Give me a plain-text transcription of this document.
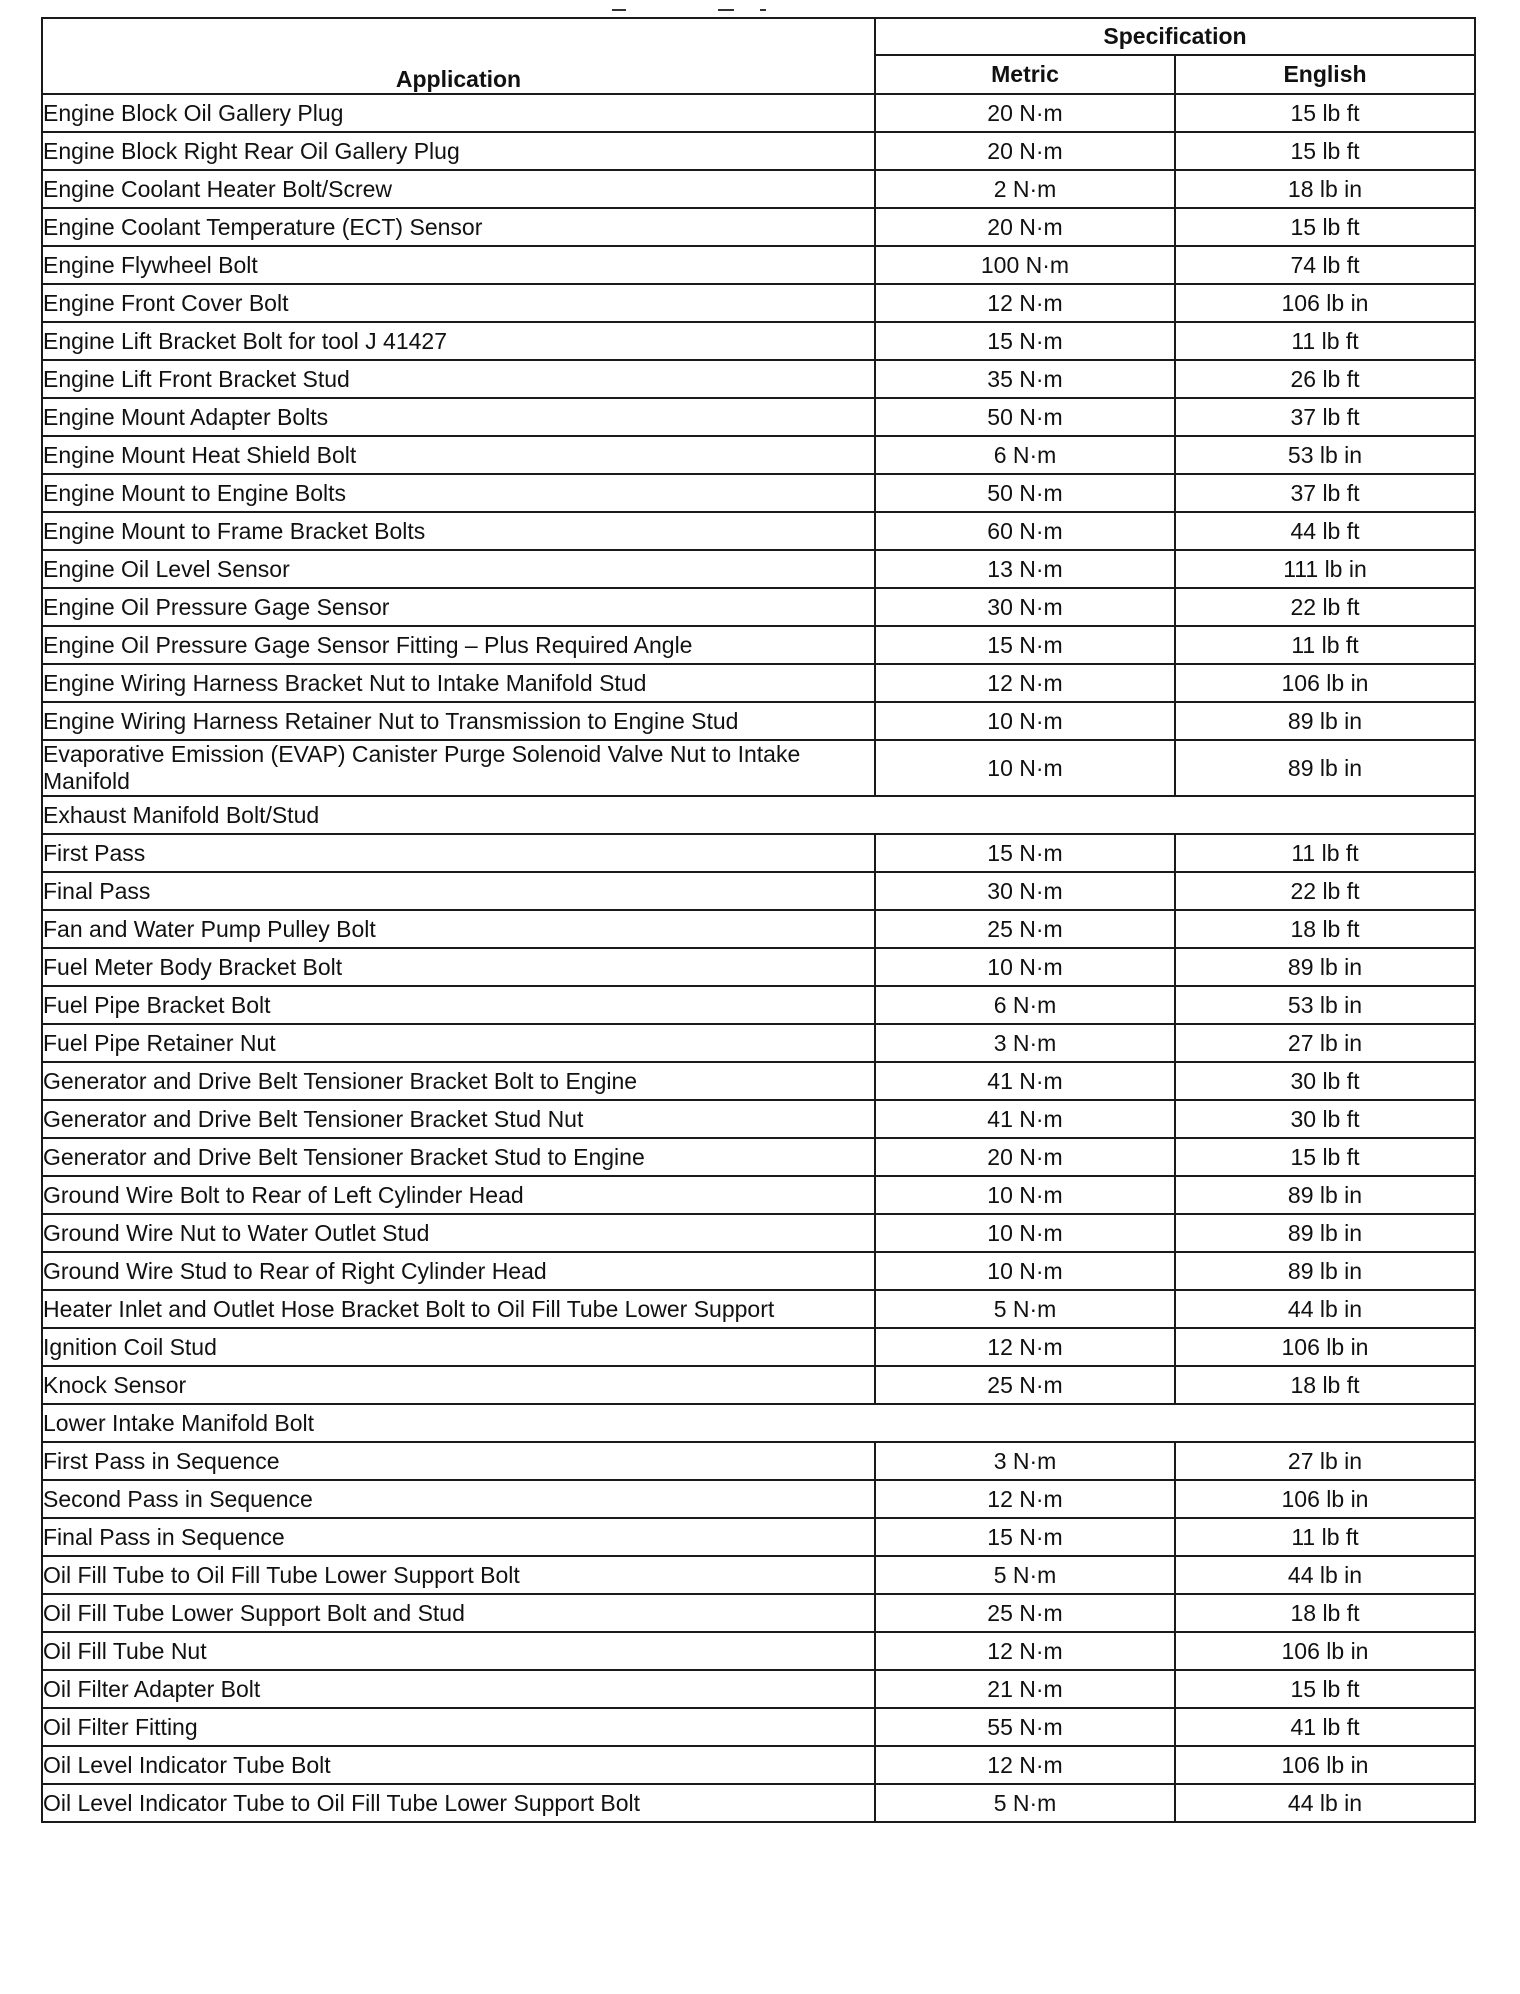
Application	Specification	
	Metric	English
Engine Block Oil Gallery Plug	20 N·m	15 lb ft
Engine Block Right Rear Oil Gallery Plug	20 N·m	15 lb ft
Engine Coolant Heater Bolt/Screw	2 N·m	18 lb in
Engine Coolant Temperature (ECT) Sensor	20 N·m	15 lb ft
Engine Flywheel Bolt	100 N·m	74 lb ft
Engine Front Cover Bolt	12 N·m	106 lb in
Engine Lift Bracket Bolt for tool J 41427	15 N·m	11 lb ft
Engine Lift Front Bracket Stud	35 N·m	26 lb ft
Engine Mount Adapter Bolts	50 N·m	37 lb ft
Engine Mount Heat Shield Bolt	6 N·m	53 lb in
Engine Mount to Engine Bolts	50 N·m	37 lb ft
Engine Mount to Frame Bracket Bolts	60 N·m	44 lb ft
Engine Oil Level Sensor	13 N·m	111 lb in
Engine Oil Pressure Gage Sensor	30 N·m	22 lb ft
Engine Oil Pressure Gage Sensor Fitting – Plus Required Angle	15 N·m	11 lb ft
Engine Wiring Harness Bracket Nut to Intake Manifold Stud	12 N·m	106 lb in
Engine Wiring Harness Retainer Nut to Transmission to Engine Stud	10 N·m	89 lb in
Evaporative Emission (EVAP) Canister Purge Solenoid Valve Nut to Intake Manifold	10 N·m	89 lb in
Exhaust Manifold Bolt/Stud		
First Pass	15 N·m	11 lb ft
Final Pass	30 N·m	22 lb ft
Fan and Water Pump Pulley Bolt	25 N·m	18 lb ft
Fuel Meter Body Bracket Bolt	10 N·m	89 lb in
Fuel Pipe Bracket Bolt	6 N·m	53 lb in
Fuel Pipe Retainer Nut	3 N·m	27 lb in
Generator and Drive Belt Tensioner Bracket Bolt to Engine	41 N·m	30 lb ft
Generator and Drive Belt Tensioner Bracket Stud Nut	41 N·m	30 lb ft
Generator and Drive Belt Tensioner Bracket Stud to Engine	20 N·m	15 lb ft
Ground Wire Bolt to Rear of Left Cylinder Head	10 N·m	89 lb in
Ground Wire Nut to Water Outlet Stud	10 N·m	89 lb in
Ground Wire Stud to Rear of Right Cylinder Head	10 N·m	89 lb in
Heater Inlet and Outlet Hose Bracket Bolt to Oil Fill Tube Lower Support	5 N·m	44 lb in
Ignition Coil Stud	12 N·m	106 lb in
Knock Sensor	25 N·m	18 lb ft
Lower Intake Manifold Bolt		
First Pass in Sequence	3 N·m	27 lb in
Second Pass in Sequence	12 N·m	106 lb in
Final Pass in Sequence	15 N·m	11 lb ft
Oil Fill Tube to Oil Fill Tube Lower Support Bolt	5 N·m	44 lb in
Oil Fill Tube Lower Support Bolt and Stud	25 N·m	18 lb ft
Oil Fill Tube Nut	12 N·m	106 lb in
Oil Filter Adapter Bolt	21 N·m	15 lb ft
Oil Filter Fitting	55 N·m	41 lb ft
Oil Level Indicator Tube Bolt	12 N·m	106 lb in
Oil Level Indicator Tube to Oil Fill Tube Lower Support Bolt	5 N·m	44 lb in
